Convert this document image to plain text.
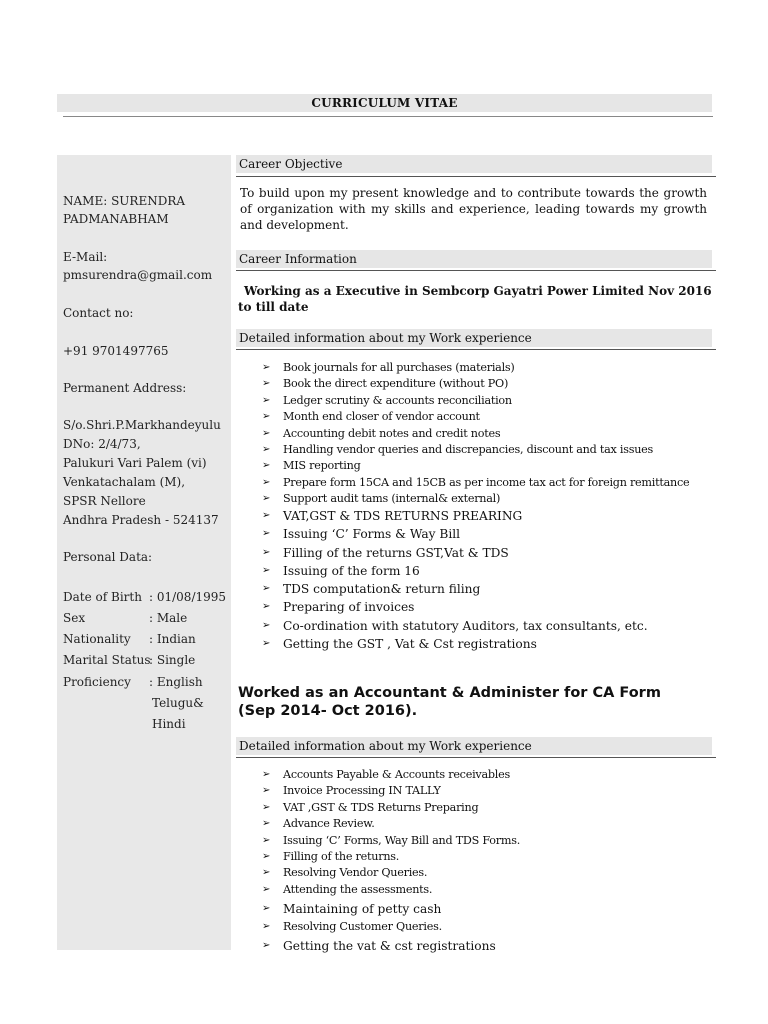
CURRICULUM VITAE
NAME: SURENDRA
PADMANABHAM
E-Mail:
pmsurendra@gmail.com
Contact no:
+91 9701497765
Permanent Address:
S/o.Shri.P.Markhandeyulu
DNo: 2/4/73,
Palukuri Vari Palem (vi)
Venkatachalam (M),
SPSR Nellore
Andhra Pradesh - 524137
Personal Data:
Date of Birth : 01/08/1995
Sex	: Male
Nationality : Indian
Marital Status: Single
Proficiency : English
Telugu&
Hindi
Career Objective
To build upon my present knowledge and to contribute towards the growth of organization with my skills and experience, leading towards my growth and development.
Career Information
Working as a Executive in Sembcorp Gayatri Power Limited Nov 2016 to till date
Detailed information about my Work experience
➢ Book journals for all purchases (materials)
➢ Book the direct expenditure (without PO)
➢ Ledger scrutiny & accounts reconciliation
➢ Month end closer of vendor account
➢ Accounting debit notes and credit notes
➢ Handling vendor queries and discrepancies, discount and tax issues
➢ MIS reporting
➢ Prepare form 15CA and 15CB as per income tax act for foreign remittance
➢ Support audit tams (internal& external)
➢ VAT,GST & TDS RETURNS PREARING
➢ Issuing ‘C’ Forms & Way Bill
➢ Filling of the returns GST,Vat & TDS
➢ Issuing of the form 16
➢ TDS computation& return filing
➢ Preparing of invoices
➢ Co-ordination with statutory Auditors, tax consultants, etc.
➢ Getting the GST , Vat & Cst registrations
Worked as an Accountant & Administer for CA Form
(Sep 2014- Oct 2016).
Detailed information about my Work experience
➢ Accounts Payable & Accounts receivables
➢ Invoice Processing IN TALLY
➢ VAT ,GST & TDS Returns Preparing
➢ Advance Review.
➢ Issuing ‘C’ Forms, Way Bill and TDS Forms.
➢ Filling of the returns.
➢ Resolving Vendor Queries.
➢ Attending the assessments.
➢ Maintaining of petty cash
➢ Resolving Customer Queries.
➢ Getting the vat & cst registrations
